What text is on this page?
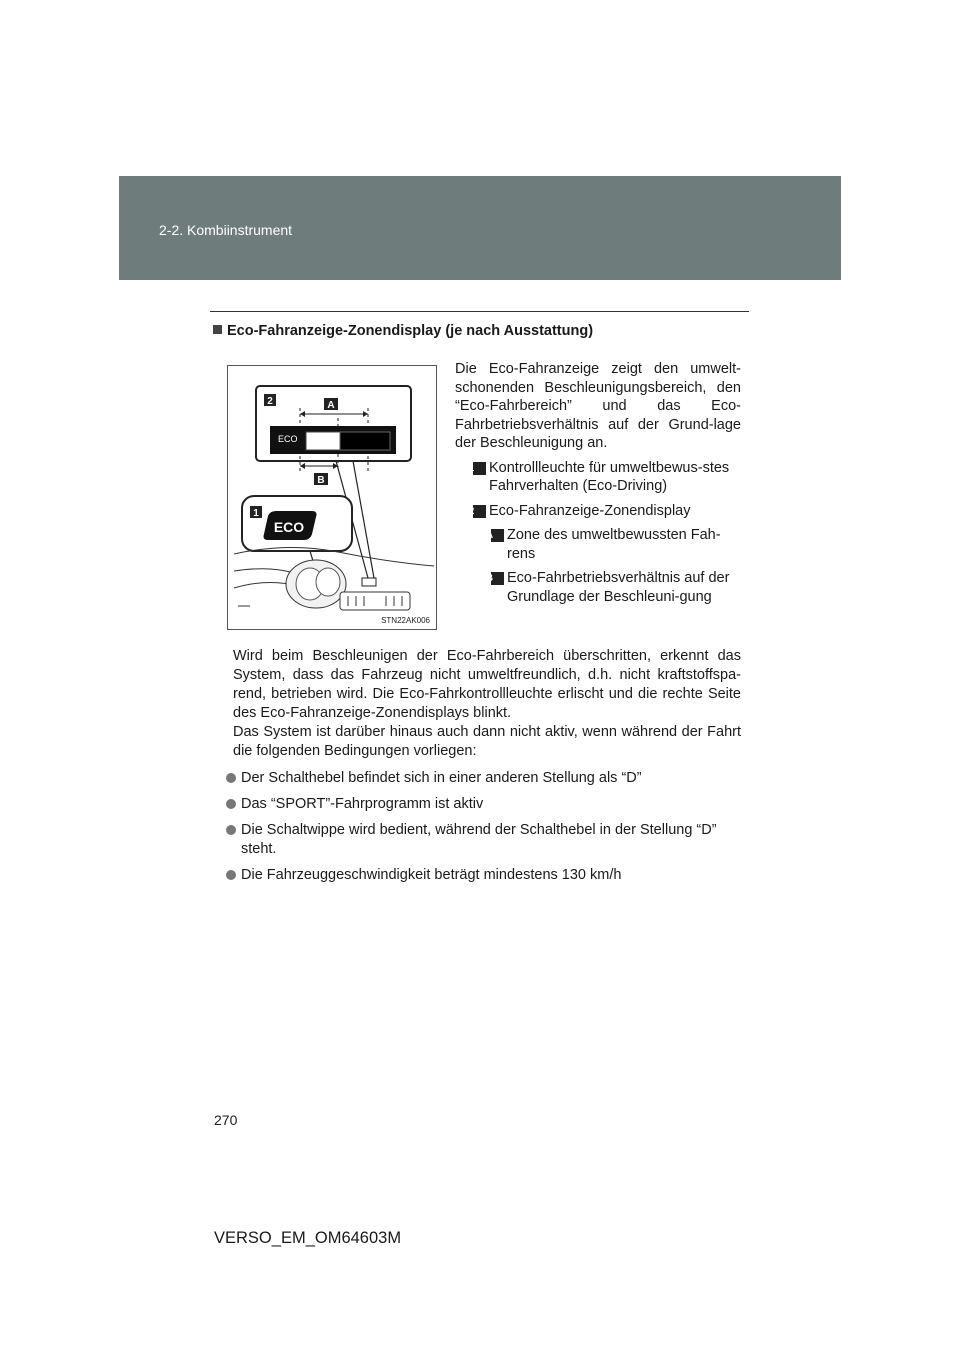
2-2. Kombiinstrument
Eco-Fahranzeige-Zonendisplay (je nach Ausstattung)
2	A
ECO
B
1
ECO
STN22AK006

Die Eco-Fahranzeige zeigt den umwelt-schonenden Beschleunigungsbereich, den “Eco-Fahrbereich” und das Eco-Fahrbetriebsverhältnis auf der Grund-lage der Beschleunigung an.

1 Kontrollleuchte für umweltbewus-stes Fahrverhalten (Eco-Driving)
2 Eco-Fahranzeige-Zonendisplay
A Zone des umweltbewussten Fah-rens
B Eco-Fahrbetriebsverhältnis auf der Grundlage der Beschleuni-gung

Wird beim Beschleunigen der Eco-Fahrbereich überschritten, erkennt das System, dass das Fahrzeug nicht umweltfreundlich, d.h. nicht kraftstoffspa-rend, betrieben wird. Die Eco-Fahrkontrollleuchte erlischt und die rechte Seite des Eco-Fahranzeige-Zonendisplays blinkt.

Das System ist darüber hinaus auch dann nicht aktiv, wenn während der Fahrt die folgenden Bedingungen vorliegen:

Der Schalthebel befindet sich in einer anderen Stellung als “D”
Das “SPORT”-Fahrprogramm ist aktiv
Die Schaltwippe wird bedient, während der Schalthebel in der Stellung “D” steht.
Die Fahrzeuggeschwindigkeit beträgt mindestens 130 km/h
270
VERSO_EM_OM64603M
